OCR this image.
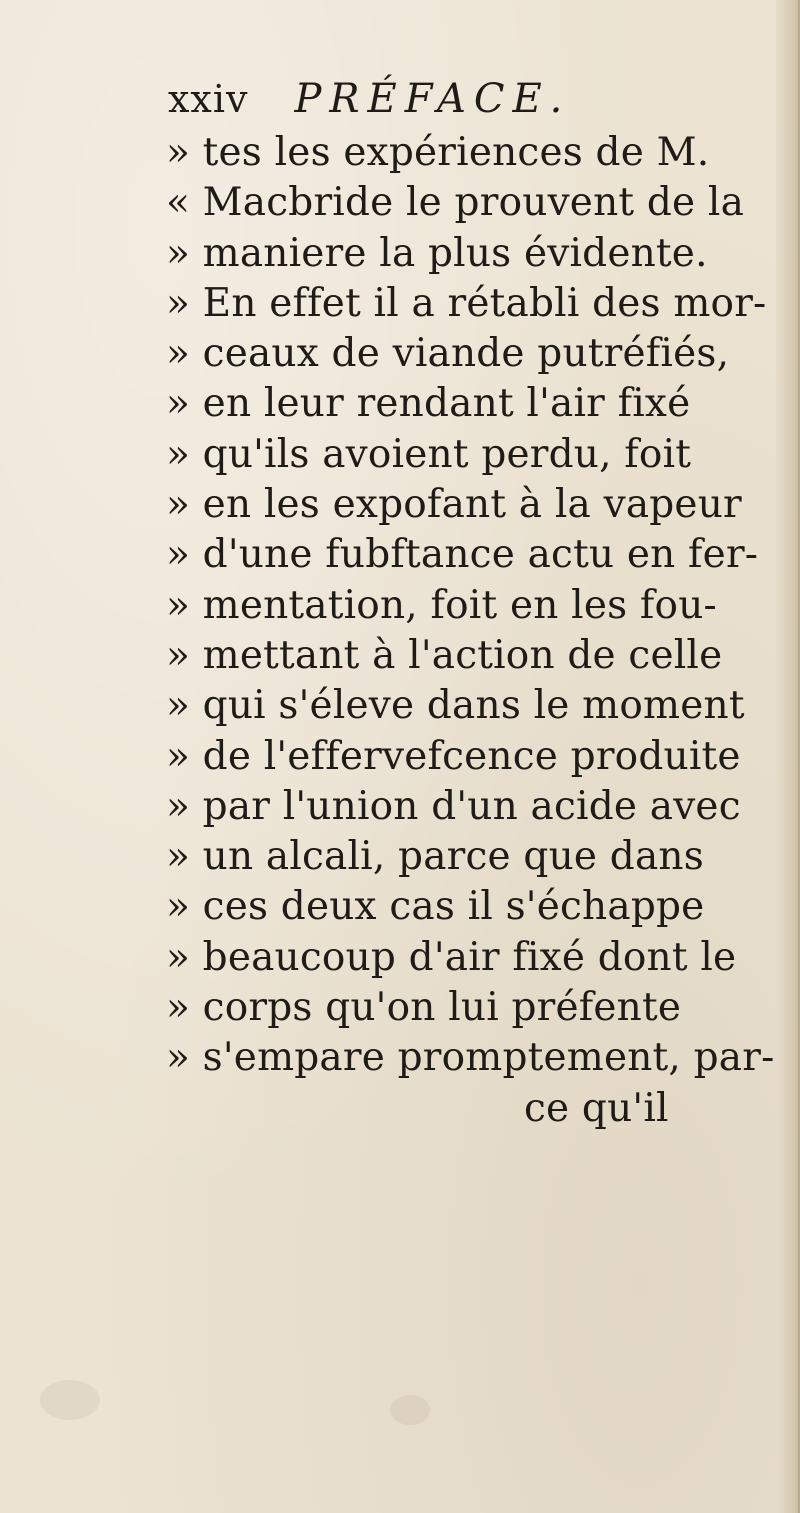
xxiv PRÉFACE.
» tes les expériences de M.
« Macbride le prouvent de la
» maniere la plus évidente.
» En effet il a rétabli des mor-
» ceaux de viande putréfiés,
» en leur rendant l'air fixé
» qu'ils avoient perdu, foit
» en les expofant à la vapeur
» d'une fubftance actu en fer-
» mentation, foit en les fou-
» mettant à l'action de celle
» qui s'éleve dans le moment
» de l'effervefcence produite
» par l'union d'un acide avec
» un alcali, parce que dans
» ces deux cas il s'échappe
» beaucoup d'air fixé dont le
» corps qu'on lui préfente
» s'empare promptement, par-
ce qu'il
